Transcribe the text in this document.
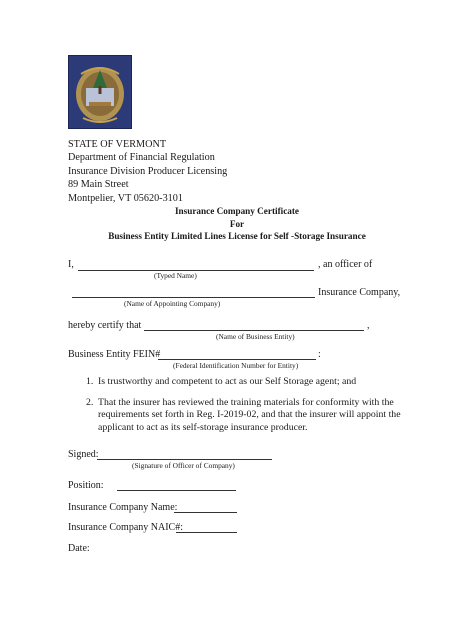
STATE OF VERMONT
Department of Financial Regulation
Insurance Division Producer Licensing
89 Main Street
Montpelier, VT 05620-3101
Insurance Company Certificate
For
Business Entity Limited Lines License for Self -Storage Insurance
I,	, an officer of
(Typed Name)
Insurance Company,
(Name of Appointing Company)
hereby certify that	,
(Name of Business Entity)
Business Entity FEIN#	:
(Federal Identification Number for Entity)
1. Is trustworthy and competent to act as our Self Storage agent; and
2. That the insurer has reviewed the training materials for conformity with the
requirements set forth in Reg. I-2019-02, and that the insurer will appoint the
applicant to act as its self-storage insurance producer.
Signed:
(Signature of Officer of Company)
Position:
Insurance Company Name:
Insurance Company NAIC#:
Date:
